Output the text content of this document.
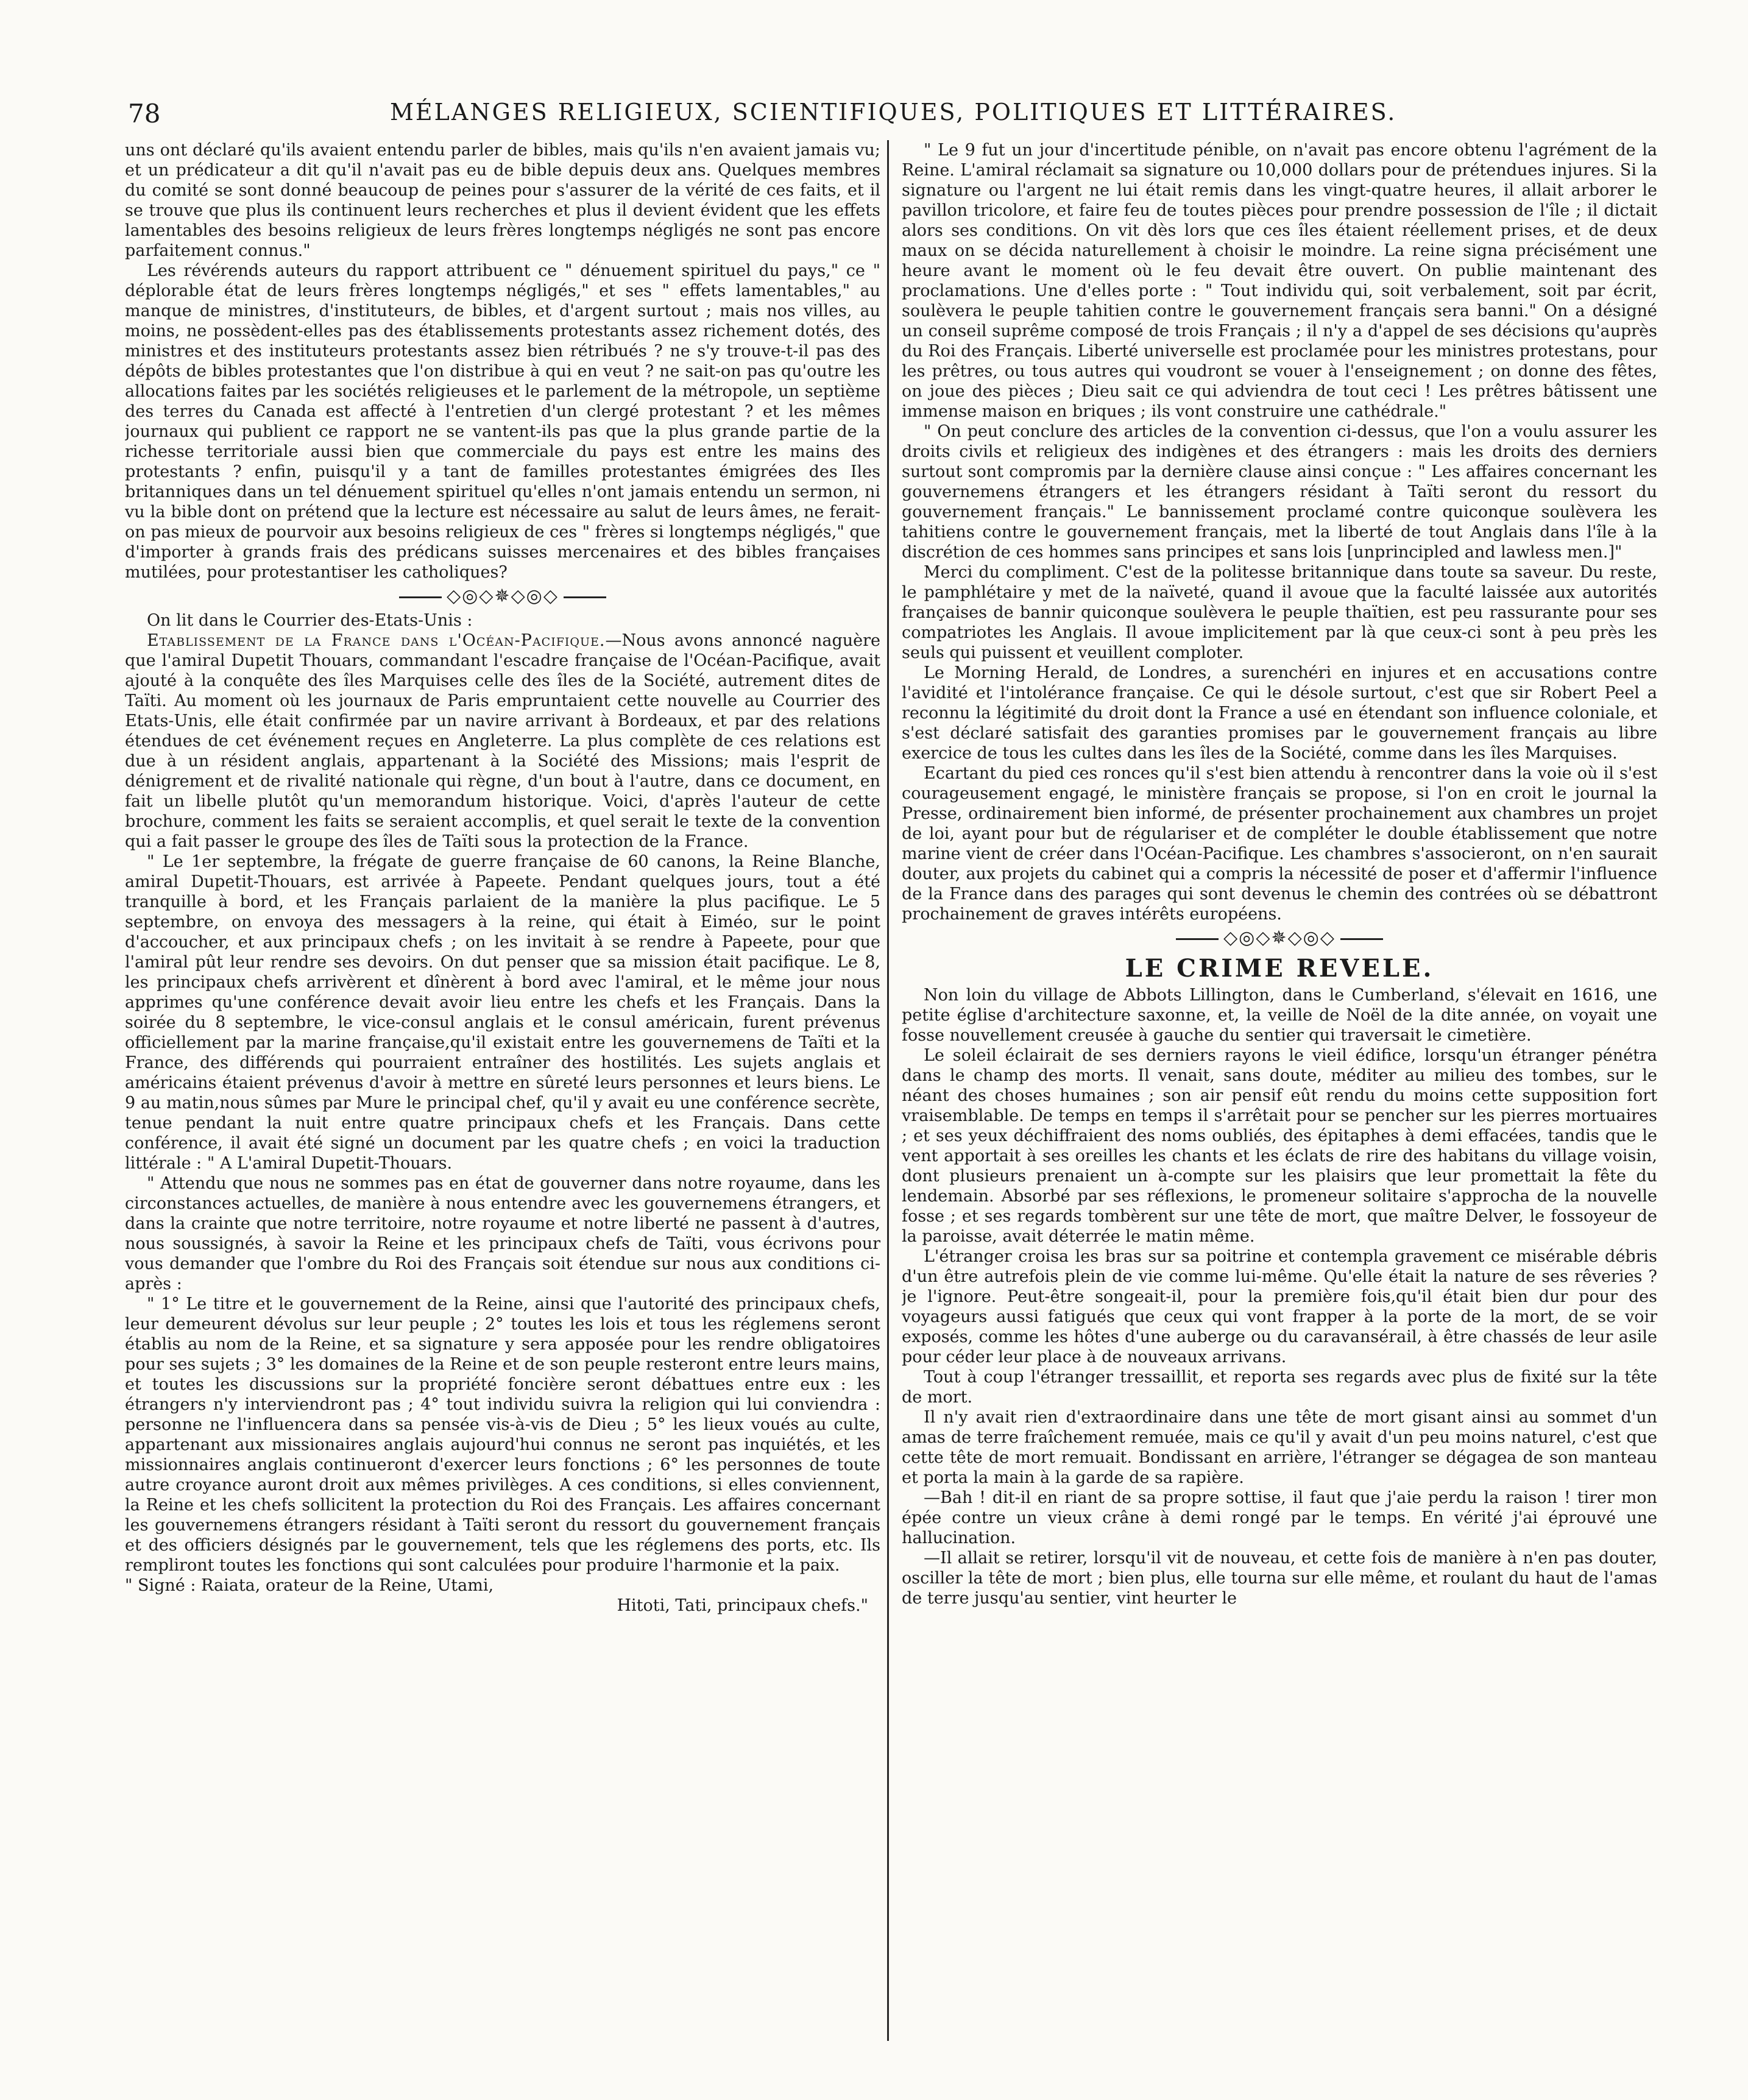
78	MÉLANGES RELIGIEUX, SCIENTIFIQUES, POLITIQUES ET LITTÉRAIRES.

uns ont déclaré qu'ils avaient entendu parler de bibles, mais qu'ils n'en avaient jamais vu; et un prédicateur a dit qu'il n'avait pas eu de bible depuis deux ans. Quelques membres du comité se sont donné beaucoup de peines pour s'assurer de la vérité de ces faits, et il se trouve que plus ils continuent leurs recherches et plus il devient évident que les effets lamentables des besoins religieux de leurs frères longtemps négligés ne sont pas encore parfaitement connus."

Les révérends auteurs du rapport attribuent ce " dénuement spirituel du pays," ce " déplorable état de leurs frères longtemps négligés," et ses " effets lamentables," au manque de ministres, d'instituteurs, de bibles, et d'argent surtout ; mais nos villes, au moins, ne possèdent-elles pas des établissements protestants assez richement dotés, des ministres et des instituteurs protestants assez bien rétribués ? ne s'y trouve-t-il pas des dépôts de bibles protestantes que l'on distribue à qui en veut ? ne sait-on pas qu'outre les allocations faites par les sociétés religieuses et le parlement de la métropole, un septième des terres du Canada est affecté à l'entretien d'un clergé protestant ? et les mêmes journaux qui publient ce rapport ne se vantent-ils pas que la plus grande partie de la richesse territoriale aussi bien que commerciale du pays est entre les mains des protestants ? enfin, puisqu'il y a tant de familles protestantes émigrées des Iles britanniques dans un tel dénuement spirituel qu'elles n'ont jamais entendu un sermon, ni vu la bible dont on prétend que la lecture est nécessaire au salut de leurs âmes, ne ferait-on pas mieux de pourvoir aux besoins religieux de ces " frères si longtemps négligés," que d'importer à grands frais des prédicans suisses mercenaires et des bibles françaises mutilées, pour protestantiser les catholiques?

◇◎◇✵◇◎◇

On lit dans le Courrier des-Etats-Unis :

Etablissement de la France dans l'Océan-Pacifique.—Nous avons annoncé naguère que l'amiral Dupetit Thouars, commandant l'escadre française de l'Océan-Pacifique, avait ajouté à la conquête des îles Marquises celle des îles de la Société, autrement dites de Taïti. Au moment où les journaux de Paris empruntaient cette nouvelle au Courrier des Etats-Unis, elle était confirmée par un navire arrivant à Bordeaux, et par des relations étendues de cet événement reçues en Angleterre. La plus complète de ces relations est due à un résident anglais, appartenant à la Société des Missions; mais l'esprit de dénigrement et de rivalité nationale qui règne, d'un bout à l'autre, dans ce document, en fait un libelle plutôt qu'un memorandum historique. Voici, d'après l'auteur de cette brochure, comment les faits se seraient accomplis, et quel serait le texte de la convention qui a fait passer le groupe des îles de Taïti sous la protection de la France.

" Le 1er septembre, la frégate de guerre française de 60 canons, la Reine Blanche, amiral Dupetit-Thouars, est arrivée à Papeete. Pendant quelques jours, tout a été tranquille à bord, et les Français parlaient de la manière la plus pacifique. Le 5 septembre, on envoya des messagers à la reine, qui était à Eiméo, sur le point d'accoucher, et aux principaux chefs ; on les invitait à se rendre à Papeete, pour que l'amiral pût leur rendre ses devoirs. On dut penser que sa mission était pacifique. Le 8, les principaux chefs arrivèrent et dînèrent à bord avec l'amiral, et le même jour nous apprimes qu'une conférence devait avoir lieu entre les chefs et les Français. Dans la soirée du 8 septembre, le vice-consul anglais et le consul américain, furent prévenus officiellement par la marine française,qu'il existait entre les gouvernemens de Taïti et la France, des différends qui pourraient entraîner des hostilités. Les sujets anglais et américains étaient prévenus d'avoir à mettre en sûreté leurs personnes et leurs biens. Le 9 au matin,nous sûmes par Mure le principal chef, qu'il y avait eu une conférence secrète, tenue pendant la nuit entre quatre principaux chefs et les Français. Dans cette conférence, il avait été signé un document par les quatre chefs ; en voici la traduction littérale : " A L'amiral Dupetit-Thouars.

" Attendu que nous ne sommes pas en état de gouverner dans notre royaume, dans les circonstances actuelles, de manière à nous entendre avec les gouvernemens étrangers, et dans la crainte que notre territoire, notre royaume et notre liberté ne passent à d'autres, nous soussignés, à savoir la Reine et les principaux chefs de Taïti, vous écrivons pour vous demander que l'ombre du Roi des Français soit étendue sur nous aux conditions ci-après :

" 1° Le titre et le gouvernement de la Reine, ainsi que l'autorité des principaux chefs, leur demeurent dévolus sur leur peuple ; 2° toutes les lois et tous les réglemens seront établis au nom de la Reine, et sa signature y sera apposée pour les rendre obligatoires pour ses sujets ; 3° les domaines de la Reine et de son peuple resteront entre leurs mains, et toutes les discussions sur la propriété foncière seront débattues entre eux : les étrangers n'y interviendront pas ; 4° tout individu suivra la religion qui lui conviendra : personne ne l'influencera dans sa pensée vis-à-vis de Dieu ; 5° les lieux voués au culte, appartenant aux missionaires anglais aujourd'hui connus ne seront pas inquiétés, et les missionnaires anglais continueront d'exercer leurs fonctions ; 6° les personnes de toute autre croyance auront droit aux mêmes privilèges. A ces conditions, si elles conviennent, la Reine et les chefs sollicitent la protection du Roi des Français. Les affaires concernant les gouvernemens étrangers résidant à Taïti seront du ressort du gouvernement français et des officiers désignés par le gouvernement, tels que les réglemens des ports, etc. Ils rempliront toutes les fonctions qui sont calculées pour produire l'harmonie et la paix.

" Signé : Raiata, orateur de la Reine, Utami,

Hitoti, Tati, principaux chefs."

" Le 9 fut un jour d'incertitude pénible, on n'avait pas encore obtenu l'agrément de la Reine. L'amiral réclamait sa signature ou 10,000 dollars pour de prétendues injures. Si la signature ou l'argent ne lui était remis dans les vingt-quatre heures, il allait arborer le pavillon tricolore, et faire feu de toutes pièces pour prendre possession de l'île ; il dictait alors ses conditions. On vit dès lors que ces îles étaient réellement prises, et de deux maux on se décida naturellement à choisir le moindre. La reine signa précisément une heure avant le moment où le feu devait être ouvert. On publie maintenant des proclamations. Une d'elles porte : " Tout individu qui, soit verbalement, soit par écrit, soulèvera le peuple tahitien contre le gouvernement français sera banni." On a désigné un conseil suprême composé de trois Français ; il n'y a d'appel de ses décisions qu'auprès du Roi des Français. Liberté universelle est proclamée pour les ministres protestans, pour les prêtres, ou tous autres qui voudront se vouer à l'enseignement ; on donne des fêtes, on joue des pièces ; Dieu sait ce qui adviendra de tout ceci ! Les prêtres bâtissent une immense maison en briques ; ils vont construire une cathédrale."

" On peut conclure des articles de la convention ci-dessus, que l'on a voulu assurer les droits civils et religieux des indigènes et des étrangers : mais les droits des derniers surtout sont compromis par la dernière clause ainsi conçue : " Les affaires concernant les gouvernemens étrangers et les étrangers résidant à Taïti seront du ressort du gouvernement français." Le bannissement proclamé contre quiconque soulèvera les tahitiens contre le gouvernement français, met la liberté de tout Anglais dans l'île à la discrétion de ces hommes sans principes et sans lois [unprincipled and lawless men.]"

Merci du compliment. C'est de la politesse britannique dans toute sa saveur. Du reste, le pamphlétaire y met de la naïveté, quand il avoue que la faculté laissée aux autorités françaises de bannir quiconque soulèvera le peuple thaïtien, est peu rassurante pour ses compatriotes les Anglais. Il avoue implicitement par là que ceux-ci sont à peu près les seuls qui puissent et veuillent comploter.

Le Morning Herald, de Londres, a surenchéri en injures et en accusations contre l'avidité et l'intolérance française. Ce qui le désole surtout, c'est que sir Robert Peel a reconnu la légitimité du droit dont la France a usé en étendant son influence coloniale, et s'est déclaré satisfait des garanties promises par le gouvernement français au libre exercice de tous les cultes dans les îles de la Société, comme dans les îles Marquises.

Ecartant du pied ces ronces qu'il s'est bien attendu à rencontrer dans la voie où il s'est courageusement engagé, le ministère français se propose, si l'on en croit le journal la Presse, ordinairement bien informé, de présenter prochainement aux chambres un projet de loi, ayant pour but de régulariser et de compléter le double établissement que notre marine vient de créer dans l'Océan-Pacifique. Les chambres s'associeront, on n'en saurait douter, aux projets du cabinet qui a compris la nécessité de poser et d'affermir l'influence de la France dans des parages qui sont devenus le chemin des contrées où se débattront prochainement de graves intérêts européens.

◇◎◇✵◇◎◇
LE CRIME REVELE.

Non loin du village de Abbots Lillington, dans le Cumberland, s'élevait en 1616, une petite église d'architecture saxonne, et, la veille de Noël de la dite année, on voyait une fosse nouvellement creusée à gauche du sentier qui traversait le cimetière.

Le soleil éclairait de ses derniers rayons le vieil édifice, lorsqu'un étranger pénétra dans le champ des morts. Il venait, sans doute, méditer au milieu des tombes, sur le néant des choses humaines ; son air pensif eût rendu du moins cette supposition fort vraisemblable. De temps en temps il s'arrêtait pour se pencher sur les pierres mortuaires ; et ses yeux déchiffraient des noms oubliés, des épitaphes à demi effacées, tandis que le vent apportait à ses oreilles les chants et les éclats de rire des habitans du village voisin, dont plusieurs prenaient un à-compte sur les plaisirs que leur promettait la fête du lendemain. Absorbé par ses réflexions, le promeneur solitaire s'approcha de la nouvelle fosse ; et ses regards tombèrent sur une tête de mort, que maître Delver, le fossoyeur de la paroisse, avait déterrée le matin même.

L'étranger croisa les bras sur sa poitrine et contempla gravement ce misérable débris d'un être autrefois plein de vie comme lui-même. Qu'elle était la nature de ses rêveries ? je l'ignore. Peut-être songeait-il, pour la première fois,qu'il était bien dur pour des voyageurs aussi fatigués que ceux qui vont frapper à la porte de la mort, de se voir exposés, comme les hôtes d'une auberge ou du caravansérail, à être chassés de leur asile pour céder leur place à de nouveaux arrivans.

Tout à coup l'étranger tressaillit, et reporta ses regards avec plus de fixité sur la tête de mort.

Il n'y avait rien d'extraordinaire dans une tête de mort gisant ainsi au sommet d'un amas de terre fraîchement remuée, mais ce qu'il y avait d'un peu moins naturel, c'est que cette tête de mort remuait. Bondissant en arrière, l'étranger se dégagea de son manteau et porta la main à la garde de sa rapière.

—Bah ! dit-il en riant de sa propre sottise, il faut que j'aie perdu la raison ! tirer mon épée contre un vieux crâne à demi rongé par le temps. En vérité j'ai éprouvé une hallucination.

—Il allait se retirer, lorsqu'il vit de nouveau, et cette fois de manière à n'en pas douter, osciller la tête de mort ; bien plus, elle tourna sur elle même, et roulant du haut de l'amas de terre jusqu'au sentier, vint heurter le
